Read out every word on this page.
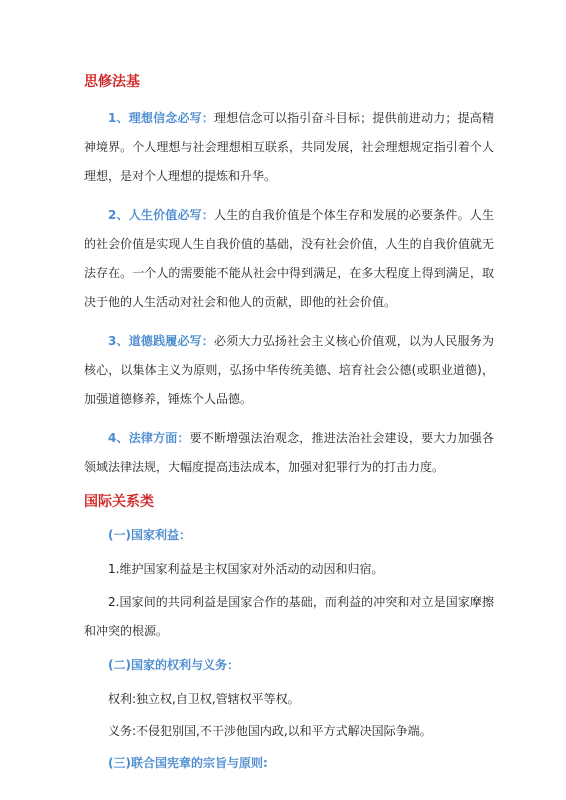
思修法基

1、理想信念必写：理想信念可以指引奋斗目标；提供前进动力；提高精神境界。个人理想与社会理想相互联系，共同发展，社会理想规定指引着个人理想，是对个人理想的提炼和升华。

2、人生价值必写：人生的自我价值是个体生存和发展的必要条件。人生的社会价值是实现人生自我价值的基础，没有社会价值，人生的自我价值就无法存在。一个人的需要能不能从社会中得到满足，在多大程度上得到满足，取决于他的人生活动对社会和他人的贡献，即他的社会价值。

3、道德践履必写：必须大力弘扬社会主义核心价值观，以为人民服务为核心，以集体主义为原则，弘扬中华传统美德、培育社会公德(或职业道德)，加强道德修养，锤炼个人品德。

4、法律方面：要不断增强法治观念，推进法治社会建设，要大力加强各领域法律法规，大幅度提高违法成本，加强对犯罪行为的打击力度。

国际关系类
(一)国家利益：

1.维护国家利益是主权国家对外活动的动因和归宿。

2.国家间的共同利益是国家合作的基础，而利益的冲突和对立是国家摩擦和冲突的根源。

(二)国家的权利与义务：

权利:独立权,自卫权,管辖权平等权。

义务:不侵犯别国,不干涉他国内政,以和平方式解决国际争端。

(三)联合国宪章的宗旨与原则:
